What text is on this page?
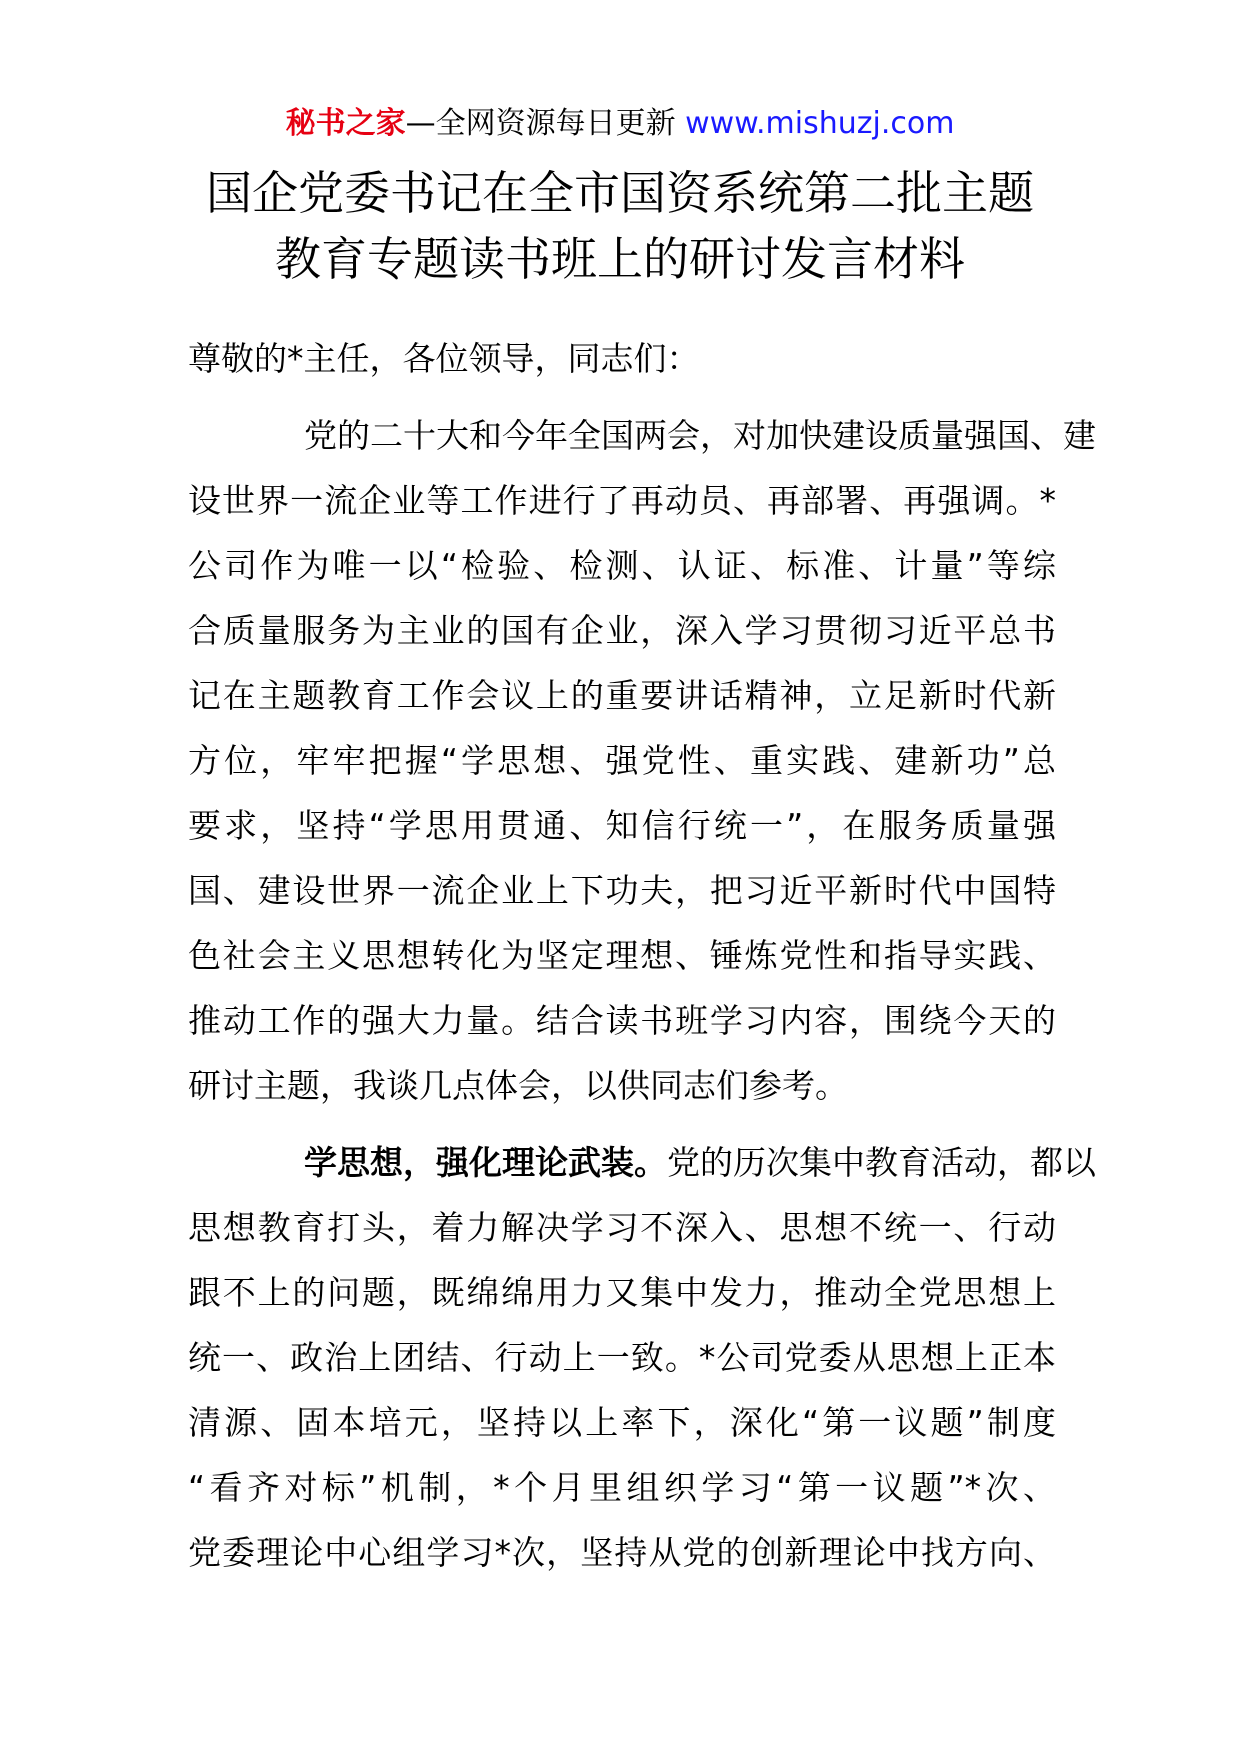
秘书之家—全网资源每日更新 www.mishuzj.com
国企党委书记在全市国资系统第二批主题
教育专题读书班上的研讨发言材料

尊敬的*主任，各位领导，同志们：

党的二十大和今年全国两会，对加快建设质量强国、建
设世界一流企业等工作进行了再动员、再部署、再强调。*
公司作为唯一以“检验、检测、认证、标准、计量”等综
合质量服务为主业的国有企业，深入学习贯彻习近平总书
记在主题教育工作会议上的重要讲话精神，立足新时代新
方位，牢牢把握“学思想、强党性、重实践、建新功”总
要求，坚持“学思用贯通、知信行统一”，在服务质量强
国、建设世界一流企业上下功夫，把习近平新时代中国特
色社会主义思想转化为坚定理想、锤炼党性和指导实践、
推动工作的强大力量。结合读书班学习内容，围绕今天的
研讨主题，我谈几点体会，以供同志们参考。
学思想，强化理论武装。党的历次集中教育活动，都以
思想教育打头，着力解决学习不深入、思想不统一、行动
跟不上的问题，既绵绵用力又集中发力，推动全党思想上
统一、政治上团结、行动上一致。*公司党委从思想上正本
清源、固本培元，坚持以上率下，深化“第一议题”制度
“看齐对标”机制，*个月里组织学习“第一议题”*次、
党委理论中心组学习*次，坚持从党的创新理论中找方向、
